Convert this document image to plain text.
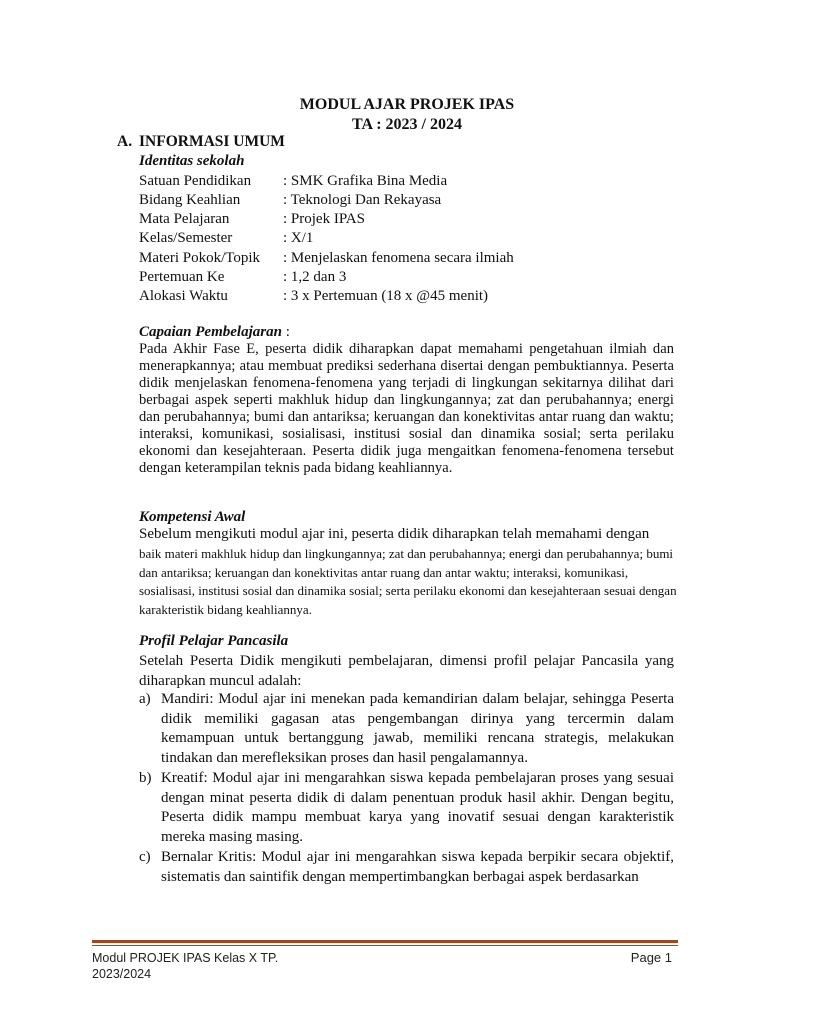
MODUL AJAR PROJEK IPAS
TA : 2023 / 2024
A. INFORMASI UMUM
Identitas sekolah
Satuan Pendidikan : SMK Grafika Bina Media
Bidang Keahlian	: Teknologi Dan Rekayasa
Mata Pelajaran	: Projek IPAS
Kelas/Semester	: X/1
Materi Pokok/Topik : Menjelaskan fenomena secara ilmiah
Pertemuan Ke	: 1,2 dan 3
Alokasi Waktu	: 3 x Pertemuan (18 x @45 menit)
Capaian Pembelajaran :
Pada Akhir Fase E, peserta didik diharapkan dapat memahami pengetahuan ilmiah dan menerapkannya; atau membuat prediksi sederhana disertai dengan pembuktiannya. Peserta didik menjelaskan fenomena-fenomena yang terjadi di lingkungan sekitarnya dilihat dari berbagai aspek seperti makhluk hidup dan lingkungannya; zat dan perubahannya; energi dan perubahannya; bumi dan antariksa; keruangan dan konektivitas antar ruang dan waktu; interaksi, komunikasi, sosialisasi, institusi sosial dan dinamika sosial; serta perilaku ekonomi dan kesejahteraan. Peserta didik juga mengaitkan fenomena-fenomena tersebut dengan keterampilan teknis pada bidang keahliannya.
Kompetensi Awal
Sebelum mengikuti modul ajar ini, peserta didik diharapkan telah memahami dengan
baik materi makhluk hidup dan lingkungannya; zat dan perubahannya; energi dan perubahannya; bumi dan antariksa; keruangan dan konektivitas antar ruang dan antar waktu; interaksi, komunikasi, sosialisasi, institusi sosial dan dinamika sosial; serta perilaku ekonomi dan kesejahteraan sesuai dengan karakteristik bidang keahliannya.
Profil Pelajar Pancasila
Setelah Peserta Didik mengikuti pembelajaran, dimensi profil pelajar Pancasila yang diharapkan muncul adalah:
a) Mandiri: Modul ajar ini menekan pada kemandirian dalam belajar, sehingga Peserta didik memiliki gagasan atas pengembangan dirinya yang tercermin dalam kemampuan untuk bertanggung jawab, memiliki rencana strategis, melakukan tindakan dan merefleksikan proses dan hasil pengalamannya.
b) Kreatif: Modul ajar ini mengarahkan siswa kepada pembelajaran proses yang sesuai dengan minat peserta didik di dalam penentuan produk hasil akhir. Dengan begitu, Peserta didik mampu membuat karya yang inovatif sesuai dengan karakteristik mereka masing masing.
c) Bernalar Kritis: Modul ajar ini mengarahkan siswa kepada berpikir secara objektif, sistematis dan saintifik dengan mempertimbangkan berbagai aspek berdasarkan
Modul PROJEK IPAS Kelas X TP. 2023/2024
Page 1
